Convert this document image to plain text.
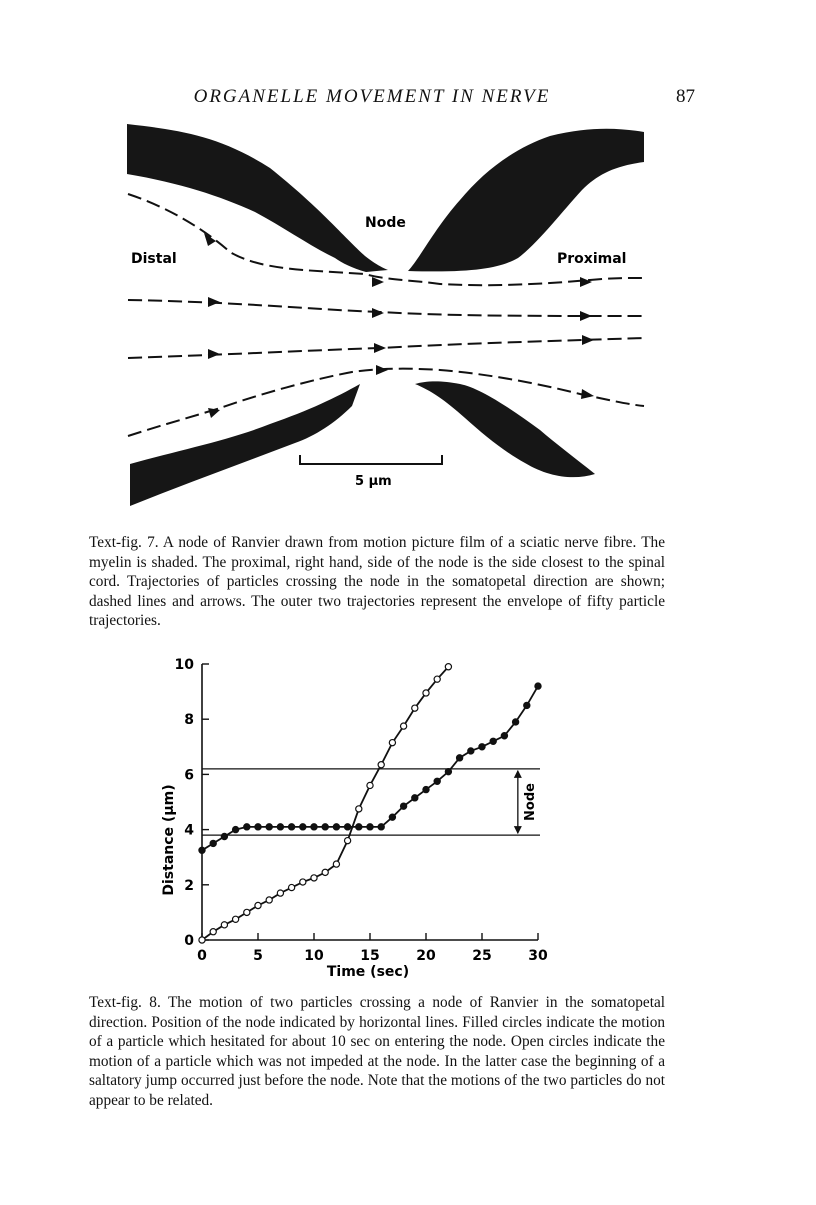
ORGANELLE MOVEMENT IN NERVE	87
Node
Distal	Proximal
5 μm
Text-fig. 7. A node of Ranvier drawn from motion picture film of a sciatic nerve fibre. The myelin is shaded. The proximal, right hand, side of the node is the side closest to the spinal cord. Trajectories of particles crossing the node in the somatopetal direction are shown; dashed lines and arrows. The outer two trajectories represent the envelope of fifty particle trajectories.
0	5	10	15	20	25	30
0
2
4
6
8
10
Time (sec)
Distance (μm)	Node
Text-fig. 8. The motion of two particles crossing a node of Ranvier in the somatopetal direction. Position of the node indicated by horizontal lines. Filled circles indicate the motion of a particle which hesitated for about 10 sec on entering the node. Open circles indicate the motion of a particle which was not impeded at the node. In the latter case the beginning of a saltatory jump occurred just before the node. Note that the motions of the two particles do not appear to be related.
